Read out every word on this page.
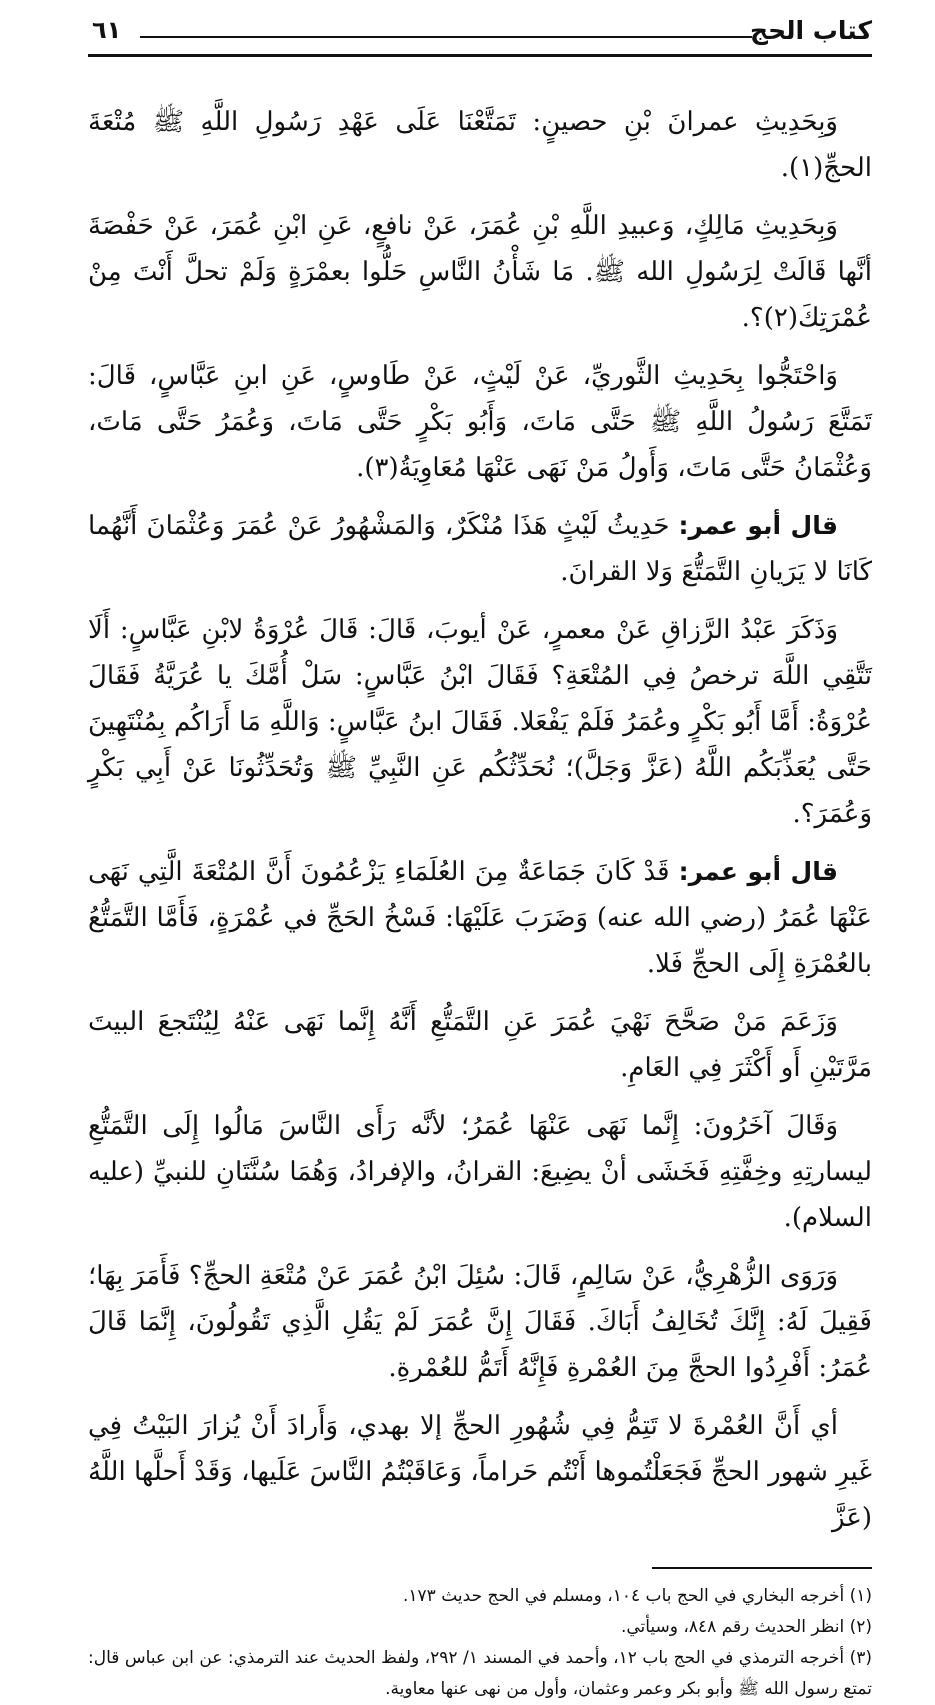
كتاب الحج
٦١

وَبِحَدِيثِ عمرانَ بْنِ حصينٍ: تَمَتَّعْنَا عَلَى عَهْدِ رَسُولِ اللَّهِ ﷺ مُتْعَةَ الحجِّ(١).

وَبِحَدِيثِ مَالِكٍ، وَعبيدِ اللَّهِ بْنِ عُمَرَ، عَنْ نافعٍ، عَنِ ابْنِ عُمَرَ، عَنْ حَفْصَةَ أنَّها قَالَتْ لِرَسُولِ الله ﷺ. مَا شَأْنُ النَّاسِ حَلُّوا بعمْرَةٍ وَلَمْ تحلَّ أَنْتَ مِنْ عُمْرَتِكَ(٢)؟.

وَاحْتَجُّوا بِحَدِيثِ الثَّوريِّ، عَنْ لَيْثٍ، عَنْ طَاوسٍ، عَنِ ابنِ عَبَّاسٍ، قَالَ: تَمَتَّعَ رَسُولُ اللَّهِ ﷺ حَتَّى مَاتَ، وَأَبُو بَكْرٍ حَتَّى مَاتَ، وَعُمَرُ حَتَّى مَاتَ، وَعُثْمَانُ حَتَّى مَاتَ، وَأَولُ مَنْ نَهَى عَنْهَا مُعَاوِيَةُ(٣).

قال أبو عمر: حَدِيثُ لَيْثٍ هَذَا مُنْكَرٌ، وَالمَشْهُورُ عَنْ عُمَرَ وَعُثْمَانَ أَنَّهُما كَانَا لا يَرَيانِ التَّمَتُّعَ وَلا القرانَ.

وَذَكَرَ عَبْدُ الرَّزاقِ عَنْ معمرٍ، عَنْ أيوبَ، قَالَ: قَالَ عُرْوَةُ لابْنِ عَبَّاسٍ: أَلَا تَتَّقِي اللَّهَ ترخصُ فِي المُتْعَةِ؟ فَقَالَ ابْنُ عَبَّاسٍ: سَلْ أُمَّكَ يا عُرَيَّةُ فَقَالَ عُرْوَةُ: أَمَّا أَبُو بَكْرٍ وعُمَرُ فَلَمْ يَفْعَلا. فَقَالَ ابنُ عَبَّاسٍ: وَاللَّهِ مَا أَرَاكُم بِمُنْتَهِينَ حَتَّى يُعَذِّبَكُم اللَّهُ (عَزَّ وَجَلَّ)؛ نُحَدِّثُكُم عَنِ النَّبِيِّ ﷺ وَتُحَدِّثُونَا عَنْ أَبِي بَكْرٍ وَعُمَرَ؟.

قال أبو عمر: قَدْ كَانَ جَمَاعَةٌ مِنَ العُلَمَاءِ يَزْعُمُونَ أَنَّ المُتْعَةَ الَّتِي نَهَى عَنْهَا عُمَرُ (رضي الله عنه) وَضَرَبَ عَلَيْهَا: فَسْخُ الحَجِّ في عُمْرَةٍ، فَأَمَّا التَّمَتُّعُ بالعُمْرَةِ إِلَى الحجِّ فَلا.

وَزَعَمَ مَنْ صَحَّحَ نَهْيَ عُمَرَ عَنِ التَّمَتُّعِ أَنَّهُ إِنَّما نَهَى عَنْهُ لِيُنْتَجعَ البيتَ مَرَّتَيْنِ أَو أَكْثَرَ فِي العَامِ.

وَقَالَ آخَرُونَ: إِنَّما نَهَى عَنْهَا عُمَرُ؛ لأنَّه رَأَى النَّاسَ مَالُوا إِلَى التَّمَتُّعِ ليسارتِهِ وخِفَّتِهِ فَخَشَى أنْ يضِيعَ: القرانُ، والإفرادُ، وَهُمَا سُنَّتَانِ للنبيِّ (عليه السلام).

وَرَوَى الزُّهْرِيُّ، عَنْ سَالِمٍ، قَالَ: سُئِلَ ابْنُ عُمَرَ عَنْ مُتْعَةِ الحجِّ؟ فَأَمَرَ بِهَا؛ فَقِيلَ لَهُ: إِنَّكَ تُخَالِفُ أَبَاكَ. فَقَالَ إِنَّ عُمَرَ لَمْ يَقُلِ الَّذِي تَقُولُونَ، إِنَّمَا قَالَ عُمَرُ: أَفْرِدُوا الحجَّ مِنَ العُمْرةِ فَإِنَّهُ أَتَمُّ للعُمْرةِ.

أي أَنَّ العُمْرةَ لا تَتِمُّ فِي شُهُورِ الحجِّ إلا بهدي، وَأَرادَ أَنْ يُزارَ البَيْتُ فِي غَيرِ شهور الحجِّ فَجَعَلْتُموها أَنْتُم حَراماً، وَعَاقَبْتُمُ النَّاسَ عَلَيها، وَقَدْ أَحلَّها اللَّهُ (عَزَّ

(١) أخرجه البخاري في الحج باب ١٠٤، ومسلم في الحج حديث ١٧٣.

(٢) انظر الحديث رقم ٨٤٨، وسيأتي.

(٣) أخرجه الترمذي في الحج باب ١٢، وأحمد في المسند ١/ ٢٩٢، ولفظ الحديث عند الترمذي: عن ابن عباس قال: تمتع رسول الله ﷺ وأبو بكر وعمر وعثمان، وأول من نهى عنها معاوية.
